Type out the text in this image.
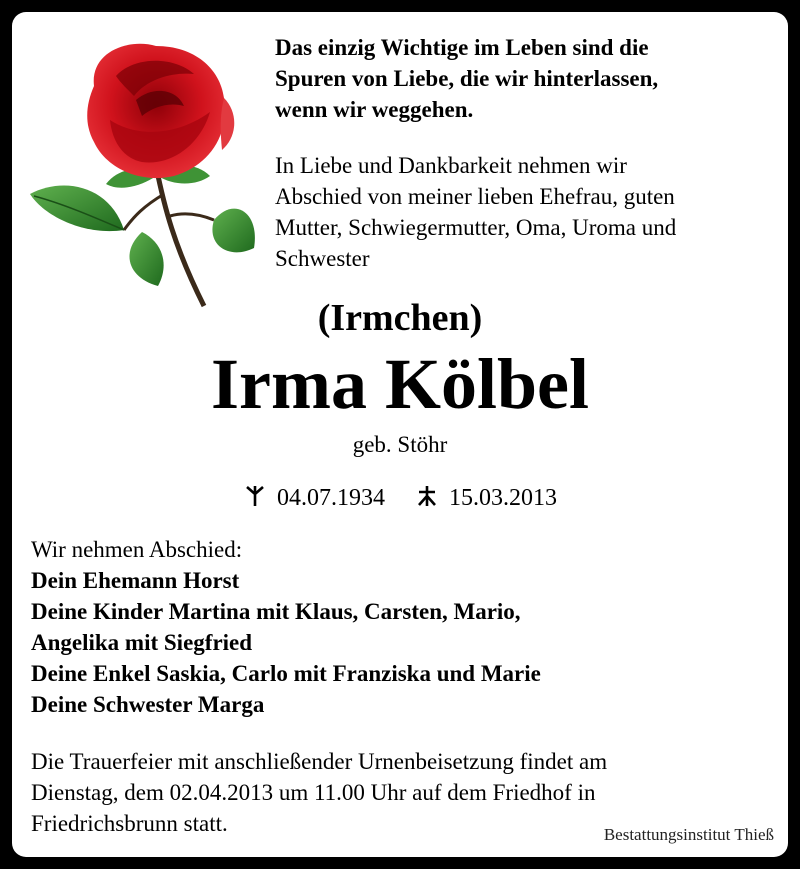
Das einzig Wichtige im Leben sind die
Spuren von Liebe, die wir hinterlassen,
wenn wir weggehen.
In Liebe und Dankbarkeit nehmen wir
Abschied von meiner lieben Ehefrau, guten
Mutter, Schwiegermutter, Oma, Uroma und
Schwester
(Irmchen)
Irma Kölbel
geb. Stöhr
04.07.1934	15.03.2013
Wir nehmen Abschied:
Dein Ehemann Horst
Deine Kinder Martina mit Klaus, Carsten, Mario,
Angelika mit Siegfried
Deine Enkel Saskia, Carlo mit Franziska und Marie
Deine Schwester Marga
Die Trauerfeier mit anschließender Urnenbeisetzung findet am
Dienstag, dem 02.04.2013 um 11.00 Uhr auf dem Friedhof in
Friedrichsbrunn statt.	Bestattungsinstitut Thieß
